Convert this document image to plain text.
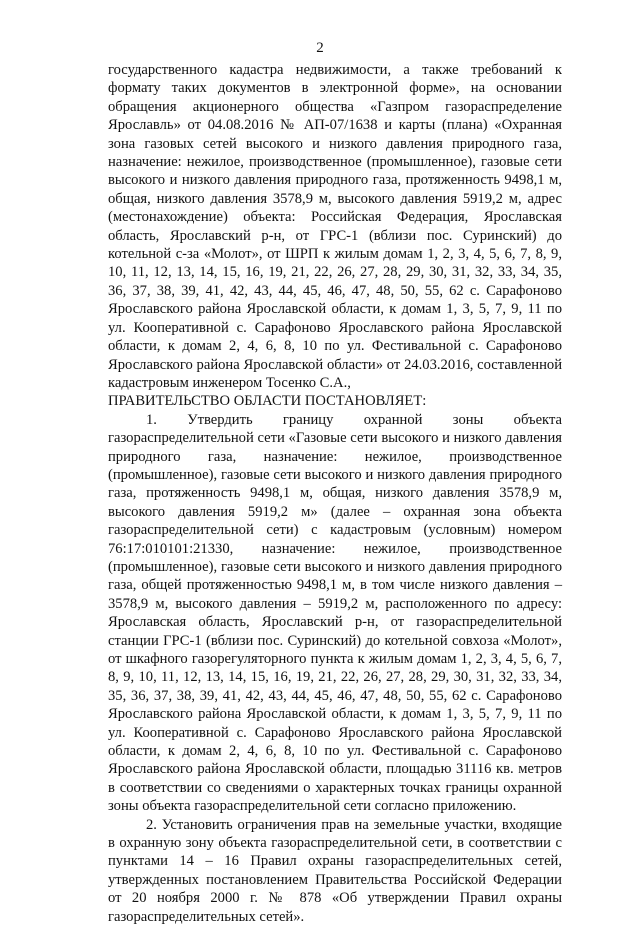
2

государственного кадастра недвижимости, а также требований к формату таких документов в электронной форме», на основании обращения акционерного общества «Газпром газораспределение Ярославль» от 04.08.2016 № АП-07/1638 и карты (плана) «Охранная зона газовых сетей высокого и низкого давления природного газа, назначение: нежилое, производственное (промышленное), газовые сети высокого и низкого давления природного газа, протяженность 9498,1 м, общая, низкого давления 3578,9 м, высокого давления 5919,2 м, адрес (местонахождение) объекта: Российская Федерация, Ярославская область, Ярославский р-н, от ГРС-1 (вблизи пос. Суринский) до котельной с-за «Молот», от ШРП к жилым домам 1, 2, 3, 4, 5, 6, 7, 8, 9, 10, 11, 12, 13, 14, 15, 16, 19, 21, 22, 26, 27, 28, 29, 30, 31, 32, 33, 34, 35, 36, 37, 38, 39, 41, 42, 43, 44, 45, 46, 47, 48, 50, 55, 62 с. Сарафоново Ярославского района Ярославской области, к домам 1, 3, 5, 7, 9, 11 по ул. Кооперативной с. Сарафоново Ярославского района Ярославской области, к домам 2, 4, 6, 8, 10 по ул. Фестивальной с. Сарафоново Ярославского района Ярославской области» от 24.03.2016, составленной кадастровым инженером Тосенко С.А.,

ПРАВИТЕЛЬСТВО ОБЛАСТИ ПОСТАНОВЛЯЕТ:

1. Утвердить границу охранной зоны объекта газораспределительной сети «Газовые сети высокого и низкого давления природного газа, назначение: нежилое, производственное (промышленное), газовые сети высокого и низкого давления природного газа, протяженность 9498,1 м, общая, низкого давления 3578,9 м, высокого давления 5919,2 м» (далее – охранная зона объекта газораспределительной сети) с кадастровым (условным) номером 76:17:010101:21330, назначение: нежилое, производственное (промышленное), газовые сети высокого и низкого давления природного газа, общей протяженностью 9498,1 м, в том числе низкого давления – 3578,9 м, высокого давления – 5919,2 м, расположенного по адресу: Ярославская область, Ярославский р-н, от газораспределительной станции ГРС-1 (вблизи пос. Суринский) до котельной совхоза «Молот», от шкафного газорегуляторного пункта к жилым домам 1, 2, 3, 4, 5, 6, 7, 8, 9, 10, 11, 12, 13, 14, 15, 16, 19, 21, 22, 26, 27, 28, 29, 30, 31, 32, 33, 34, 35, 36, 37, 38, 39, 41, 42, 43, 44, 45, 46, 47, 48, 50, 55, 62 с. Сарафоново Ярославского района Ярославской области, к домам 1, 3, 5, 7, 9, 11 по ул. Кооперативной с. Сарафоново Ярославского района Ярославской области, к домам 2, 4, 6, 8, 10 по ул. Фестивальной с. Сарафоново Ярославского района Ярославской области, площадью 31116 кв. метров в соответствии со сведениями о характерных точках границы охранной зоны объекта газораспределительной сети согласно приложению.

2. Установить ограничения прав на земельные участки, входящие в охранную зону объекта газораспределительной сети, в соответствии с пунктами 14 – 16 Правил охраны газораспределительных сетей, утвержденных постановлением Правительства Российской Федерации от 20 ноября 2000 г. № 878 «Об утверждении Правил охраны газораспределительных сетей».
